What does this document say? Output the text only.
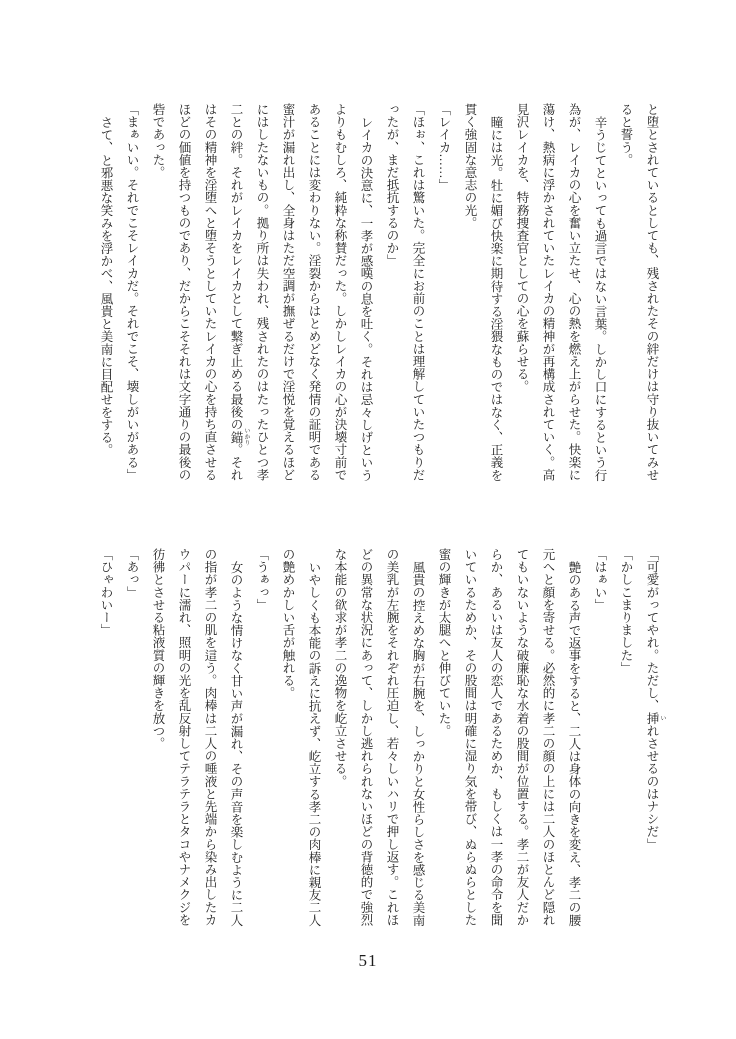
と堕とされているとしても、残されたその絆だけは守り抜いてみせ

ると誓う。

辛うじてといっても過言ではない言葉。しかし口にするという行

為が、レイカの心を奮い立たせ、心の熱を燃え上がらせた。快楽に

蕩け、熱病に浮かされていたレイカの精神が再構成されていく。高

見沢レイカを、特務捜査官としての心を蘇らせる。

瞳には光。牡に媚び快楽に期待する淫猥なものではなく、正義を

貫く強固な意志の光。

「レイカ……」

「ほぉ、これは驚いた。完全にお前のことは理解していたつもりだ

ったが、まだ抵抗するのか」

レイカの決意に、一孝が感嘆の息を吐く。それは忌々しげという

よりもむしろ、純粋な称賛だった。しかしレイカの心が決壊寸前で

あることには変わりない。淫裂からはとめどなく発情の証明である

蜜汁が漏れ出し、全身はただ空調が撫ぜるだけで淫悦を覚えるほど

にはしたないもの。拠り所は失われ、残されたのはたったひとつ孝

二との絆。それがレイカをレイカとして繋ぎ止める最後の錨 いかり。それ

はその精神を淫堕へと堕そうとしていたレイカの心を持ち直させる

ほどの価値を持つものであり、だからこそそれは文字通りの最後の

砦であった。

「まぁいい。それでこそレイカだ。それでこそ、壊しがいがある」

さて、と邪悪な笑みを浮かべ、風貴と美南に目配せをする。

「可愛がってやれ。ただし、挿 いれさせるのはナシだ」

「かしこまりました」

「はぁい」

艶のある声で返事をすると、二人は身体の向きを変え、孝二の腰

元へと顔を寄せる。必然的に孝二の顔の上には二人のほとんど隠れ

てもいないような破廉恥な水着の股間が位置する。孝二が友人だか

らか、あるいは友人の恋人であるためか、もしくは一孝の命令を聞

いているためか、その股間は明確に湿り気を帯び、ぬらぬらとした

蜜の輝きが太腿へと伸びていた。

風貴の控えめな胸が右腕を、しっかりと女性らしさを感じる美南

の美乳が左腕をそれぞれ圧迫し、若々しいハリで押し返す。これほ

どの異常な状況にあって、しかし逃れられないほどの背徳的で強烈

な本能の欲求が孝二の逸物を屹立させる。

いやしくも本能の訴えに抗えず、屹立する孝二の肉棒に親友二人

の艶めかしい舌が触れる。

「うぁっ」

女のような情けなく甘い声が漏れ、その声音を楽しむように二人

の指が孝二の肌を這う。肉棒は二人の唾液と先端から染み出したカ

ウパーに濡れ、照明の光を乱反射してテラテラとタコやナメクジを

彷彿とさせる粘液質の輝きを放つ。

「あっ」

「ひゃわいー」

51
